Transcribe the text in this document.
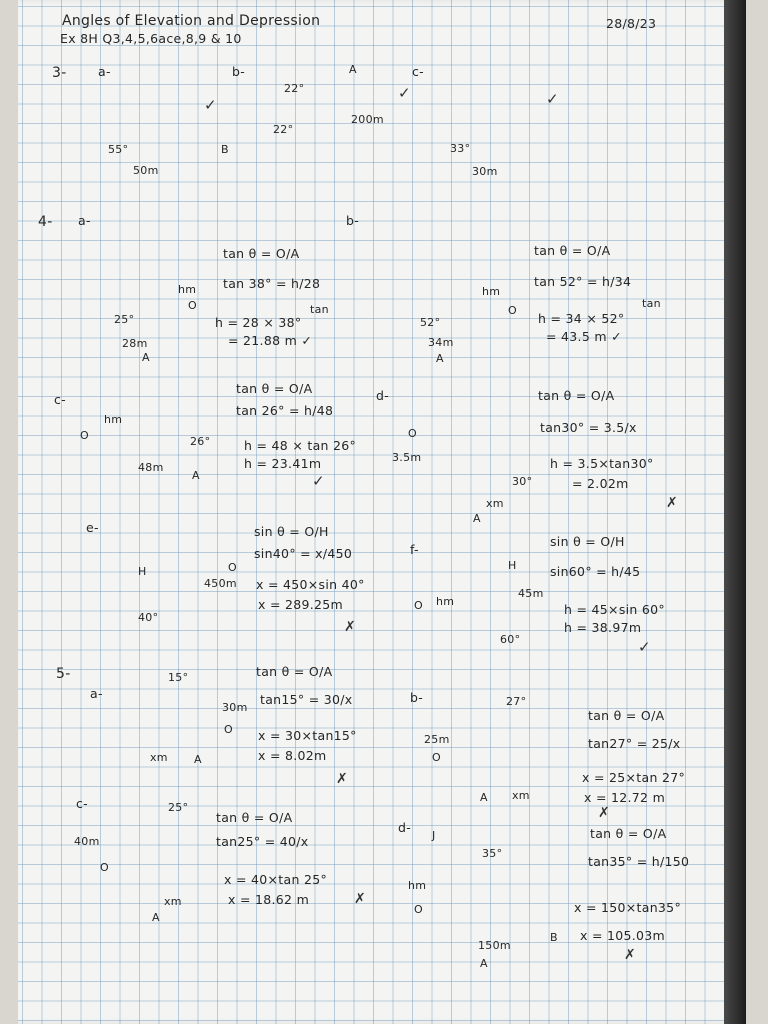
Angles of Elevation and Depression
Ex 8H Q3,4,5,6ace,8,9 & 10
28/8/23
3-	a-
55°
50m
✓
b-	A
B
22°
22°
200m
✓
c-
33°
30m
✓
4- a-
25°
hm
O
28m
A
tan θ = O/A
tan 38° = h/28
h = 28 × 38°
= 21.88 m ✓
tan
b-
52°
hm
O
34m
A
tan θ = O/A
tan 52° = h/34
h = 34 × 52°
= 43.5 m ✓
tan
c-
hm
O	26°
48m
A
tan θ = O/A
tan 26° = h/48
h = 48 × tan 26°
h = 23.41m
✓
d-
O
3.5m
30°
xm
A
tan θ = O/A
tan30° = 3.5/x
h = 3.5×tan30°
= 2.02m
✗
e-
H
40°
O
450m
sin θ = O/H
sin40° = x/450
x = 450×sin 40°
x = 289.25m
✗
f-
O hm
H
45m
60°
sin θ = O/H
sin60° = h/45
h = 45×sin 60°
h = 38.97m
✓
5-
a-
15°
30m
O
xm A
tan θ = O/A
tan15° = 30/x
x = 30×tan15°
x = 8.02m
✗
b-	27°
25m
O
A xm
tan θ = O/A
tan27° = 25/x
x = 25×tan 27°
x = 12.72 m
✗
c-	25°
40m
O
xm
A
tan θ = O/A
tan25° = 40/x
x = 40×tan 25°
x = 18.62 m	✗
d-
J
35°
hm
O
B
150m
A
tan θ = O/A
tan35° = h/150
x = 150×tan35°
x = 105.03m
✗
